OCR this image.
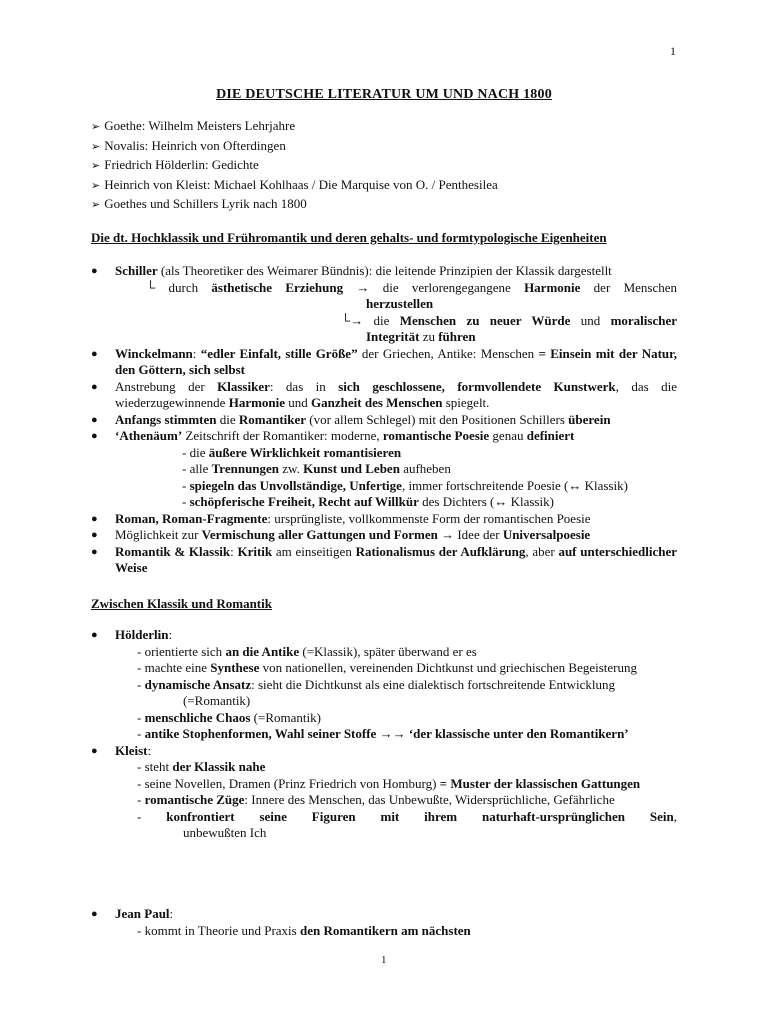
1
DIE DEUTSCHE LITERATUR UM UND NACH 1800
➢ Goethe: Wilhelm Meisters Lehrjahre
➢ Novalis: Heinrich von Ofterdingen
➢ Friedrich Hölderlin: Gedichte
➢ Heinrich von Kleist: Michael Kohlhaas / Die Marquise von O. / Penthesilea
➢ Goethes und Schillers Lyrik nach 1800
Die dt. Hochklassik und Frühromantik und deren gehalts- und formtypologische Eigenheiten
● Schiller (als Theoretiker des Weimarer Bündnis): die leitende Prinzipien der Klassik dargestellt
└ durch ästhetische Erziehung → die verlorengegangene Harmonie der Menschen
herzustellen
└→ die Menschen zu neuer Würde und moralischer
Integrität zu führen
● Winckelmann: “edler Einfalt, stille Größe” der Griechen, Antike: Menschen = Einsein mit der Natur, den Göttern, sich selbst
● Anstrebung der Klassiker: das in sich geschlossene, formvollendete Kunstwerk, das die wiederzugewinnende Harmonie und Ganzheit des Menschen spiegelt.
● Anfangs stimmten die Romantiker (vor allem Schlegel) mit den Positionen Schillers überein
● ‘Athenäum’ Zeitschrift der Romantiker: moderne, romantische Poesie genau definiert
- die äußere Wirklichkeit romantisieren
- alle Trennungen zw. Kunst und Leben aufheben
- spiegeln das Unvollständige, Unfertige, immer fortschreitende Poesie (↔ Klassik)
- schöpferische Freiheit, Recht auf Willkür des Dichters (↔ Klassik)
● Roman, Roman-Fragmente: ursprüngliste, vollkommenste Form der romantischen Poesie
● Möglichkeit zur Vermischung aller Gattungen und Formen → Idee der Universalpoesie
● Romantik & Klassik: Kritik am einseitigen Rationalismus der Aufklärung, aber auf unterschiedlicher Weise
Zwischen Klassik und Romantik
● Hölderlin:
- orientierte sich an die Antike (=Klassik), später überwand er es
- machte eine Synthese von nationellen, vereinenden Dichtkunst und griechischen Begeisterung
- dynamische Ansatz: sieht die Dichtkunst als eine dialektisch fortschreitende Entwicklung
(=Romantik)
- menschliche Chaos (=Romantik)
- antike Stophenformen, Wahl seiner Stoffe →→ ‘der klassische unter den Romantikern’
● Kleist:
- steht der Klassik nahe
- seine Novellen, Dramen (Prinz Friedrich von Homburg) = Muster der klassischen Gattungen
- romantische Züge: Innere des Menschen, das Unbewußte, Widersprüchliche, Gefährliche
- konfrontiert seine Figuren mit ihrem naturhaft-ursprünglichen Sein,
unbewußten Ich
● Jean Paul:
- kommt in Theorie und Praxis den Romantikern am nächsten
1
